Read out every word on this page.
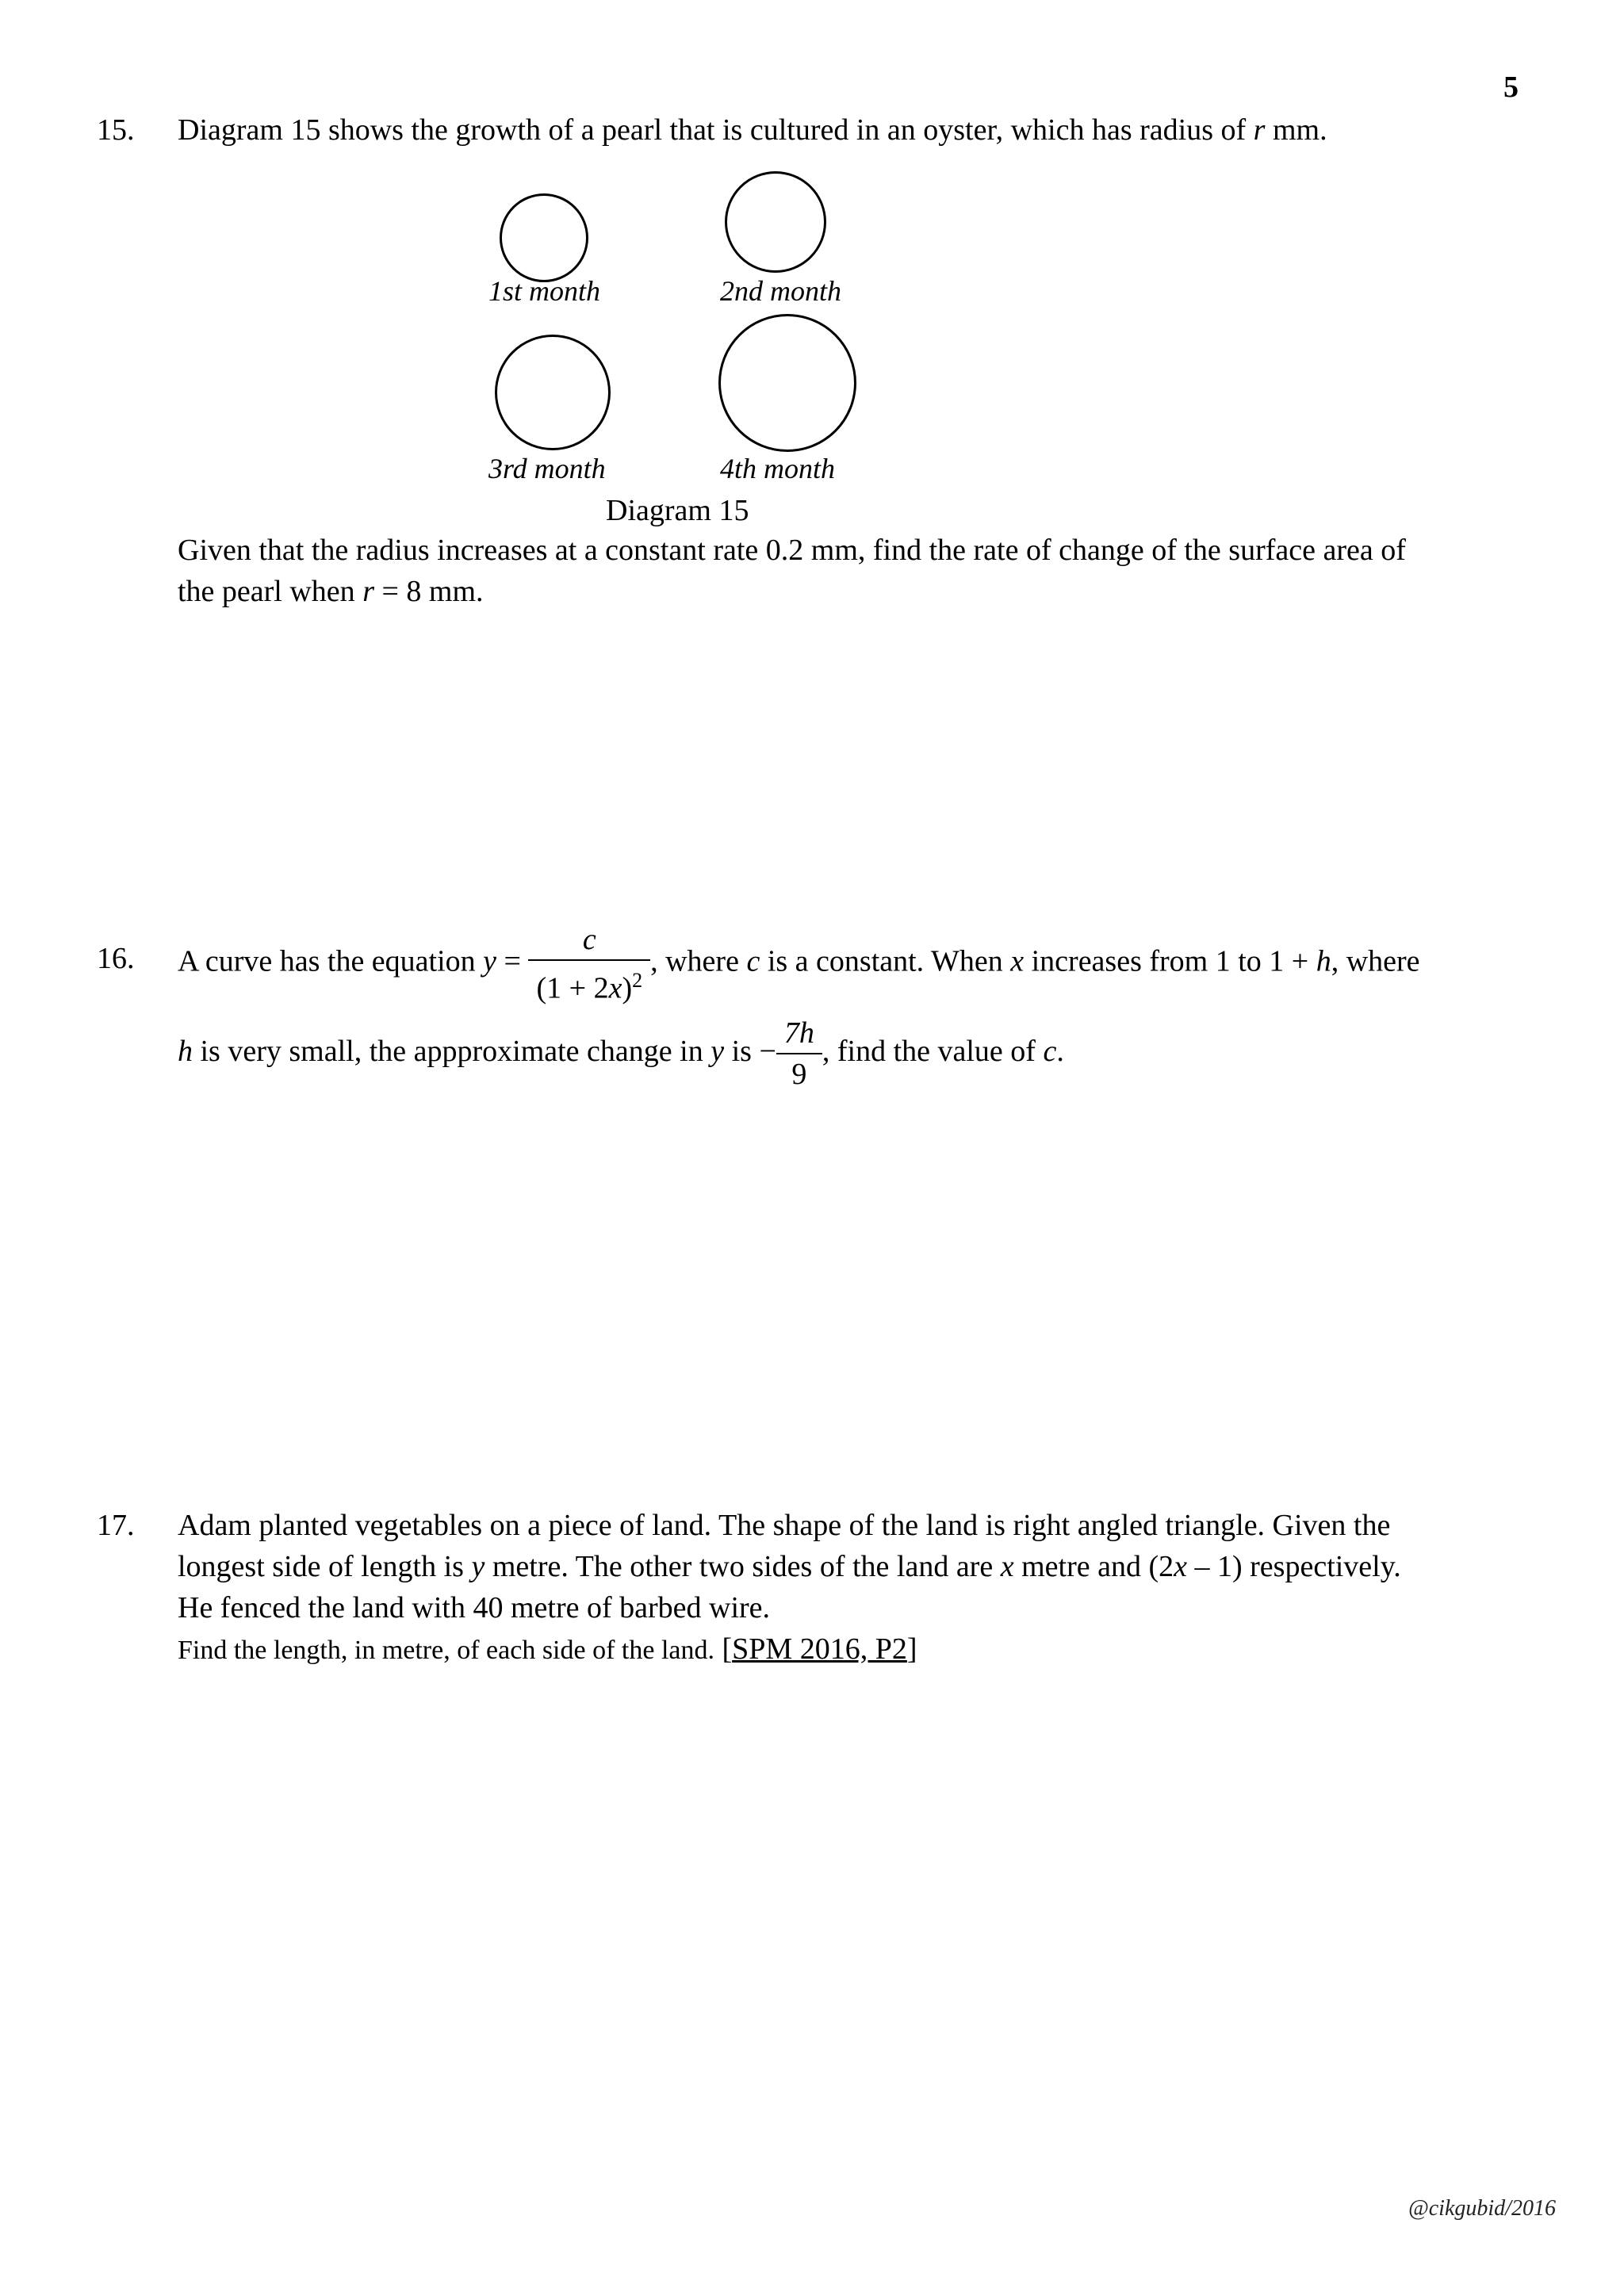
5
15. Diagram 15 shows the growth of a pearl that is cultured in an oyster, which has radius of r mm.
1st month	2nd month
3rd month	4th month
Diagram 15
Given that the radius increases at a constant rate 0.2 mm, find the rate of change of the surface area of
the pearl when r = 8 mm.
16. A curve has the equation $y = \frac{c}{(1 + 2x)^2}$ , where c is a constant. When x increases from 1 to 1 + h, where
h is very small, the appproximate change in y is − $\frac{7h}{9}$ , find the value of c.
17. Adam planted vegetables on a piece of land. The shape of the land is right angled triangle. Given the
longest side of length is y metre. The other two sides of the land are x metre and (2x – 1) respectively.
He fenced the land with 40 metre of barbed wire.
Find the length, in metre, of each side of the land. [SPM 2016, P2]
@cikgubid/2016
